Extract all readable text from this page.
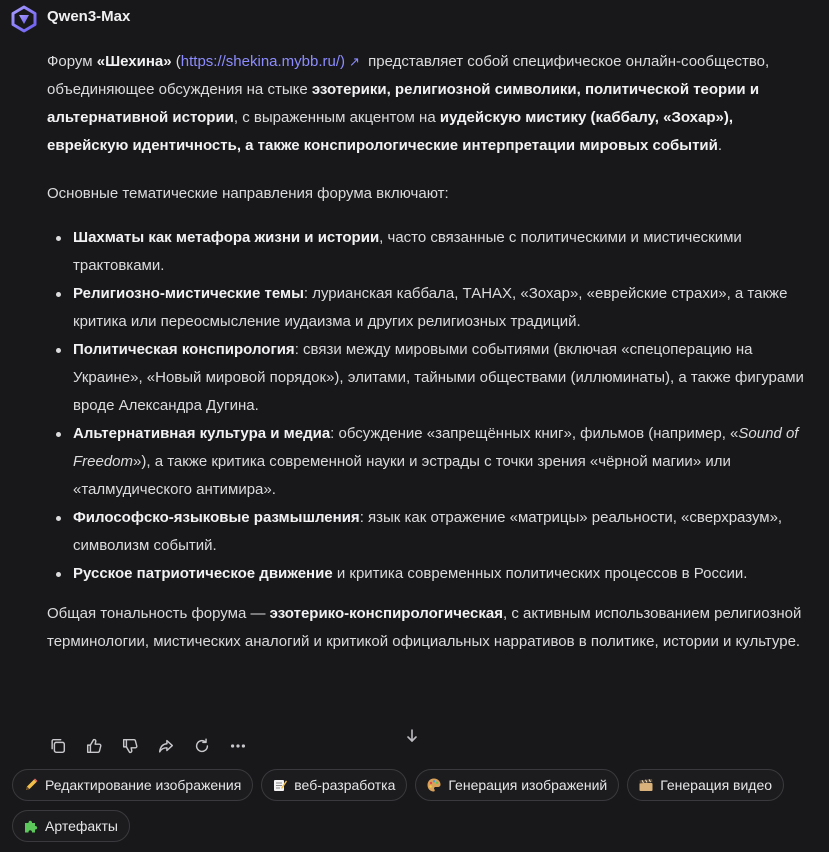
Qwen3-Max

Форум «Шехина» (https://shekina.mybb.ru/) ↗ представляет собой специфическое онлайн-сообщество, объединяющее обсуждения на стыке эзотерики, религиозной символики, политической теории и альтернативной истории, с выраженным акцентом на иудейскую мистику (каббалу, «Зохар»), еврейскую идентичность, а также конспирологические интерпретации мировых событий.

Основные тематические направления форума включают:

Шахматы как метафора жизни и истории, часто связанные с политическими и мистическими трактовками.
Религиозно-мистические темы: лурианская каббала, ТАНАХ, «Зохар», «еврейские страхи», а также критика или переосмысление иудаизма и других религиозных традиций.
Политическая конспирология: связи между мировыми событиями (включая «спецоперацию на Украине», «Новый мировой порядок»), элитами, тайными обществами (иллюминаты), а также фигурами вроде Александра Дугина.
Альтернативная культура и медиа: обсуждение «запрещённых книг», фильмов (например, «Sound of Freedom»), а также критика современной науки и эстрады с точки зрения «чёрной магии» или «талмудического антимира».
Философско-языковые размышления: язык как отражение «матрицы» реальности, «сверхразум», символизм событий.
Русское патриотическое движение и критика современных политических процессов в России.

Общая тональность форума — эзотерико-конспирологическая, с активным использованием религиозной терминологии, мистических аналогий и критикой официальных нарративов в политике, истории и культуре.

Редактирование изображения	веб-разработка	Генерация изображений	Генерация видео
Артефакты
